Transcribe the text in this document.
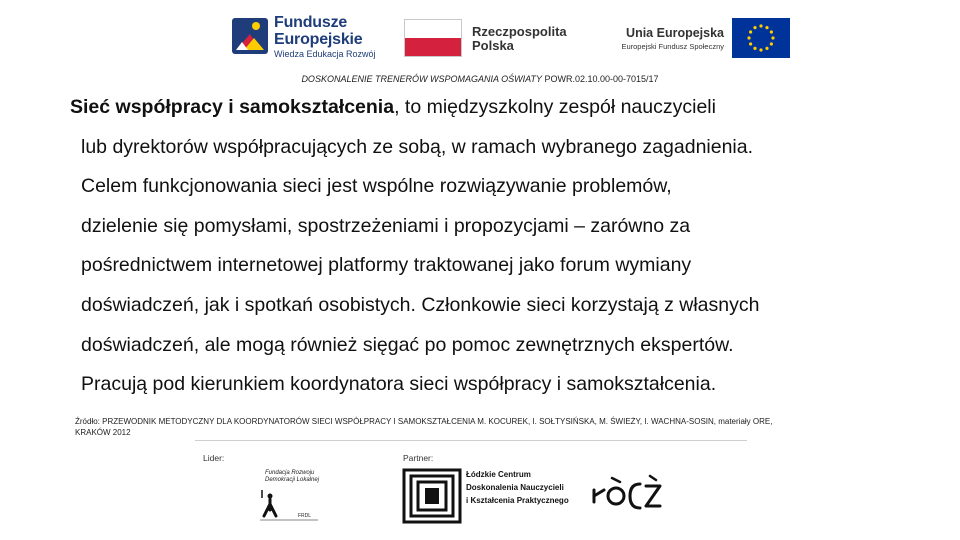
Fundusze
Europejskie
Wiedza Edukacja Rozwój
Rzeczpospolita
Polska
Unia Europejska
Europejski Fundusz Społeczny
DOSKONALENIE TRENERÓW WSPOMAGANIA OŚWIATY POWR.02.10.00-00-7015/17
Sieć współpracy i samokształcenia, to międzyszkolny zespół nauczycieli
lub dyrektorów współpracujących ze sobą, w ramach wybranego zagadnienia.
Celem funkcjonowania sieci jest wspólne rozwiązywanie problemów,
dzielenie się pomysłami, spostrzeżeniami i propozycjami – zarówno za
pośrednictwem internetowej platformy traktowanej jako forum wymiany
doświadczeń, jak i spotkań osobistych. Członkowie sieci korzystają z własnych
doświadczeń, ale mogą również sięgać po pomoc zewnętrznych ekspertów.
Pracują pod kierunkiem koordynatora sieci współpracy i samokształcenia.
Źródło: PRZEWODNIK METODYCZNY DLA KOORDYNATORÓW SIECI WSPÓŁPRACY I SAMOKSZTAŁCENIA M. KOCUREK, I. SOŁTYSIŃSKA, M. ŚWIEŻY, I. WACHNA-SOSIN, materiały ORE,
KRAKÓW 2012
Lider:	Partner:
Fundacja Rozwoju
Demokracji Lokalnej
FRDL
Łódzkie Centrum
Doskonalenia Nauczycieli
i Kształcenia Praktycznego
